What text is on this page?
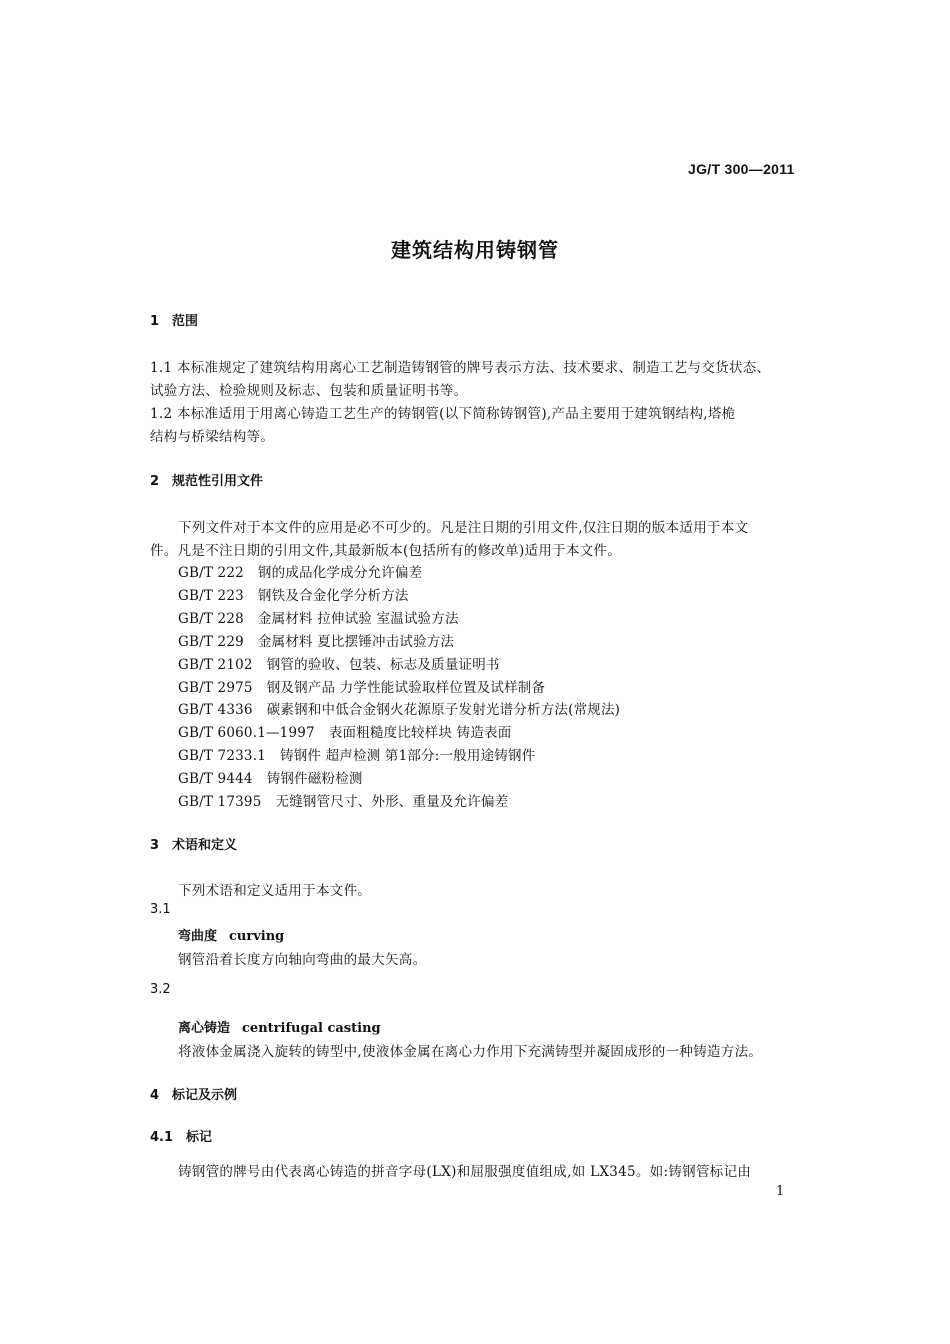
JG/T 300—2011
建筑结构用铸钢管
1 范围
1.1 本标准规定了建筑结构用离心工艺制造铸钢管的牌号表示方法、技术要求、制造工艺与交货状态、
试验方法、检验规则及标志、包装和质量证明书等。
1.2 本标准适用于用离心铸造工艺生产的铸钢管(以下简称铸钢管),产品主要用于建筑钢结构,塔桅
结构与桥梁结构等。
2 规范性引用文件
下列文件对于本文件的应用是必不可少的。凡是注日期的引用文件,仅注日期的版本适用于本文
件。凡是不注日期的引用文件,其最新版本(包括所有的修改单)适用于本文件。
GB/T 222 钢的成品化学成分允许偏差
GB/T 223 钢铁及合金化学分析方法
GB/T 228 金属材料 拉伸试验 室温试验方法
GB/T 229 金属材料 夏比摆锤冲击试验方法
GB/T 2102 钢管的验收、包装、标志及质量证明书
GB/T 2975 钢及钢产品 力学性能试验取样位置及试样制备
GB/T 4336 碳素钢和中低合金钢火花源原子发射光谱分析方法(常规法)
GB/T 6060.1—1997 表面粗糙度比较样块 铸造表面
GB/T 7233.1 铸钢件 超声检测 第1部分:一般用途铸钢件
GB/T 9444 铸钢件磁粉检测
GB/T 17395 无缝钢管尺寸、外形、重量及允许偏差
3 术语和定义
下列术语和定义适用于本文件。
3.1
弯曲度 curving
钢管沿着长度方向轴向弯曲的最大矢高。
3.2
离心铸造 centrifugal casting
将液体金属浇入旋转的铸型中,使液体金属在离心力作用下充满铸型并凝固成形的一种铸造方法。
4 标记及示例
4.1 标记
铸钢管的牌号由代表离心铸造的拼音字母(LX)和屈服强度值组成,如 LX345。如:铸钢管标记由
1
